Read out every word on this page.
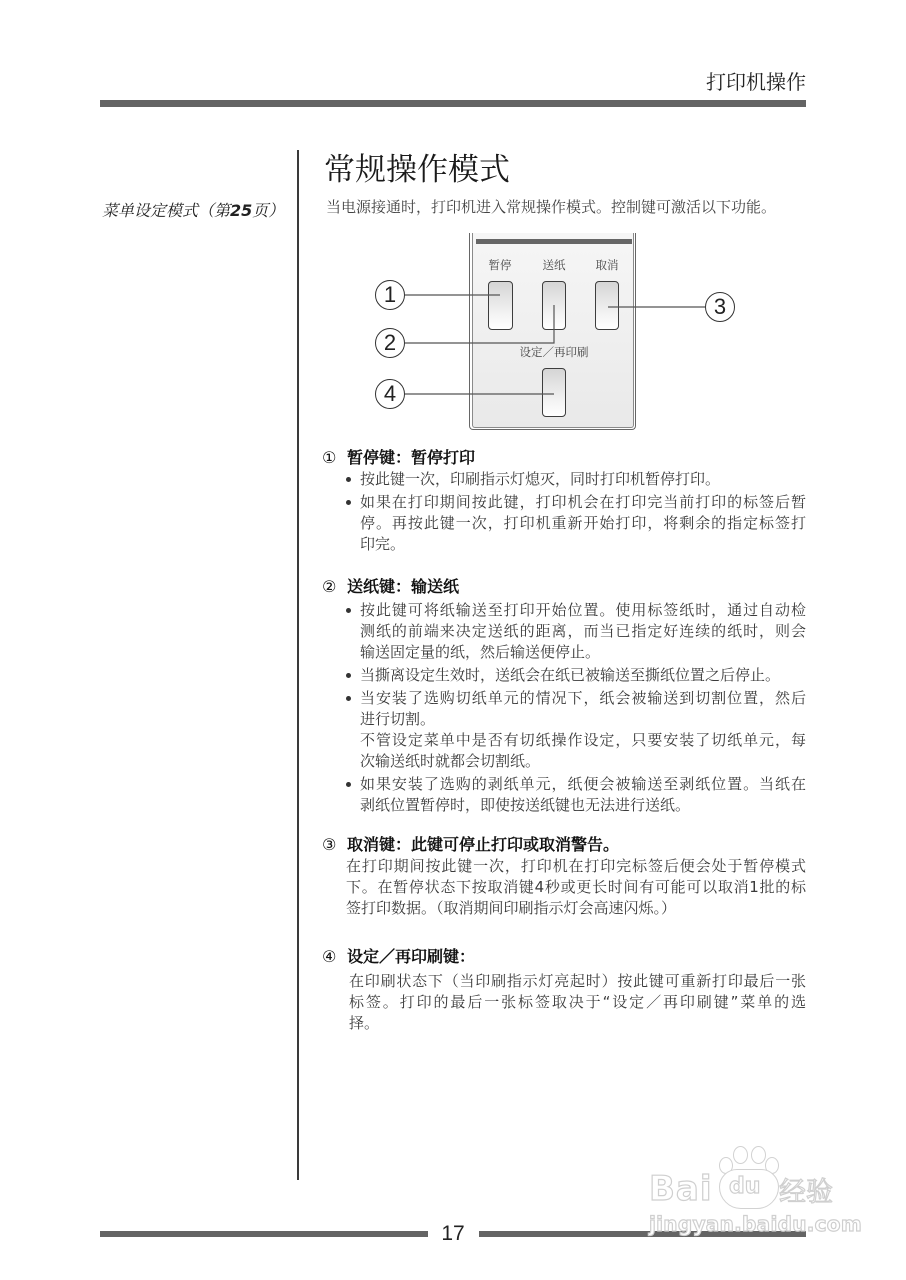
打印机操作
菜单设定模式（第25页）
常规操作模式
当电源接通时，打印机进入常规操作模式。控制键可激活以下功能。
暂停	送纸	取消
设定／再印刷
1
2
3
4
① 暂停键：暂停打印
按此键一次，印刷指示灯熄灭，同时打印机暂停打印。
如果在打印期间按此键，打印机会在打印完当前打印的标签后暂
停。再按此键一次，打印机重新开始打印，将剩余的指定标签打
印完。
② 送纸键：输送纸
按此键可将纸输送至打印开始位置。使用标签纸时，通过自动检
测纸的前端来决定送纸的距离，而当已指定好连续的纸时，则会
输送固定量的纸，然后输送便停止。
当撕离设定生效时，送纸会在纸已被输送至撕纸位置之后停止。
当安装了选购切纸单元的情况下，纸会被输送到切割位置，然后
进行切割。
不管设定菜单中是否有切纸操作设定，只要安装了切纸单元，每
次输送纸时就都会切割纸。
如果安装了选购的剥纸单元，纸便会被输送至剥纸位置。当纸在
剥纸位置暂停时，即使按送纸键也无法进行送纸。
③ 取消键：此键可停止打印或取消警告。
在打印期间按此键一次，打印机在打印完标签后便会处于暂停模式
下。在暂停状态下按取消键4秒或更长时间有可能可以取消1批的标
签打印数据。（取消期间印刷指示灯会高速闪烁。）
④ 设定／再印刷键：
在印刷状态下（当印刷指示灯亮起时）按此键可重新打印最后一张
标签。打印的最后一张标签取决于“设定／再印刷键”菜单的选
择。
17
Bai du 经验
jingyan.baidu.com
